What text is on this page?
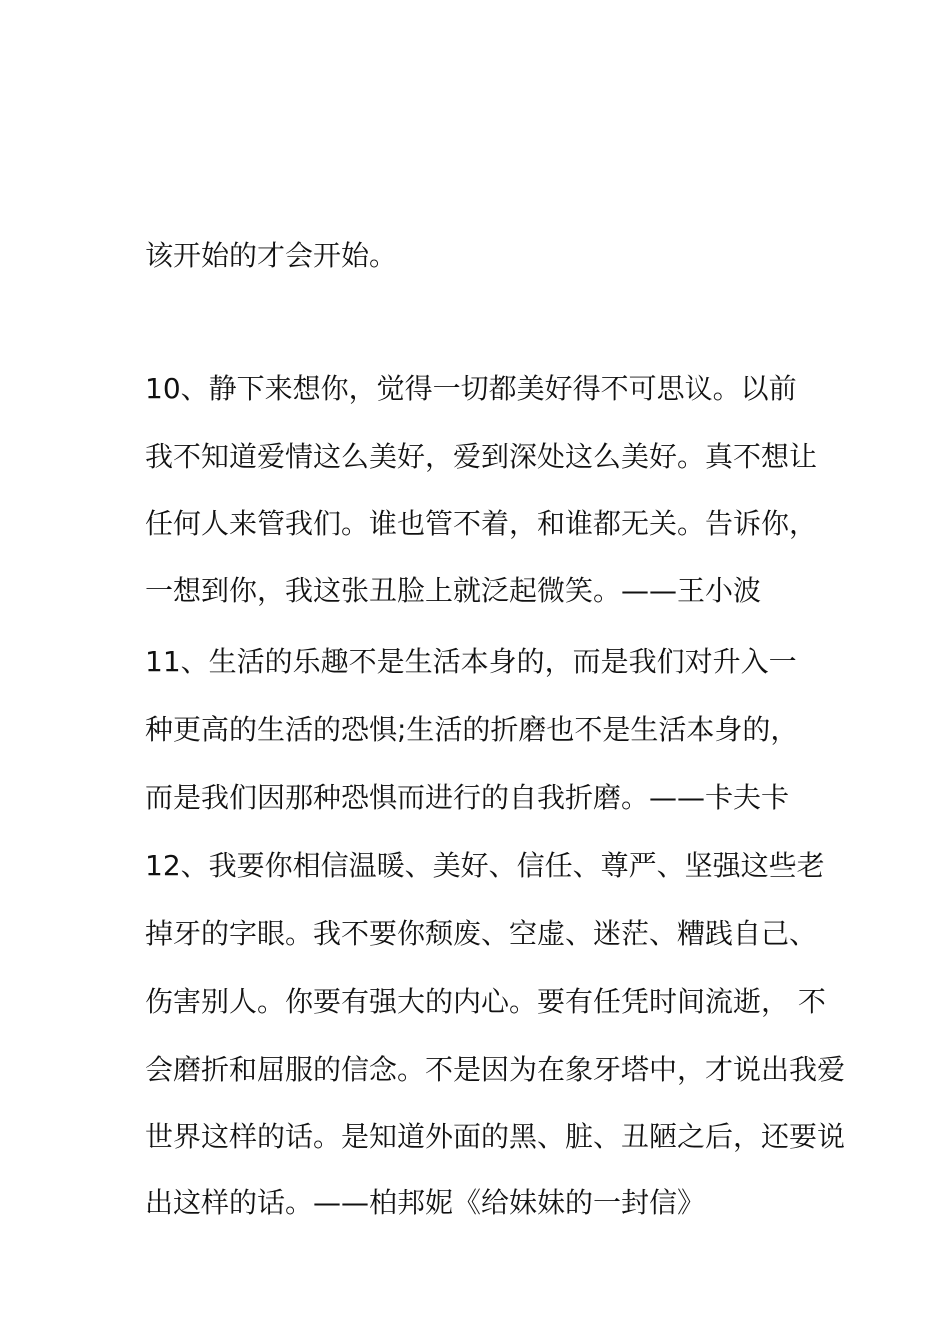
该开始的才会开始。
10、静下来想你，觉得一切都美好得不可思议。以前
我不知道爱情这么美好，爱到深处这么美好。真不想让
任何人来管我们。谁也管不着，和谁都无关。告诉你，
一想到你，我这张丑脸上就泛起微笑。——王小波
11、生活的乐趣不是生活本身的，而是我们对升入一
种更高的生活的恐惧;生活的折磨也不是生活本身的，
而是我们因那种恐惧而进行的自我折磨。——卡夫卡
12、我要你相信温暖、美好、信任、尊严、坚强这些老
掉牙的字眼。我不要你颓废、空虚、迷茫、糟践自己、
伤害别人。你要有强大的内心。要有任凭时间流逝， 不
会磨折和屈服的信念。不是因为在象牙塔中，才说出我爱
世界这样的话。是知道外面的黑、脏、丑陋之后，还要说
出这样的话。——柏邦妮《给妹妹的一封信》
